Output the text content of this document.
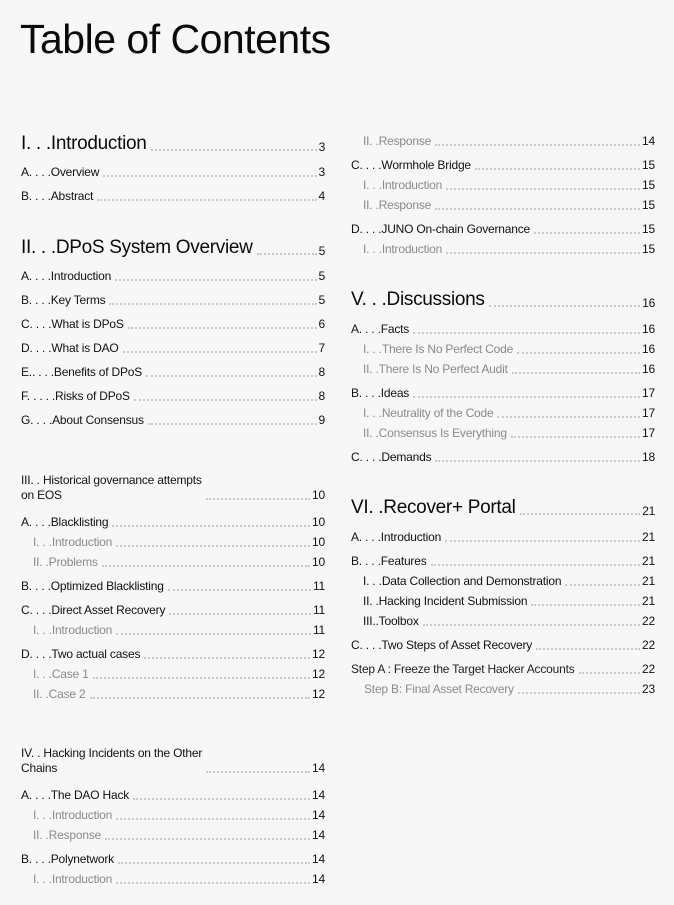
Table of Contents
I. . . Introduction	3
A. . . . Overview	3
B. . . . Abstract	4
II. . . DPoS System Overview	5
A. . . . Introduction	5
B. . . . Key Terms	5
C. . . . What is DPoS	6
D. . . . What is DAO	7
E.. . . . Benefits of DPoS	8
F. . . . . Risks of DPoS	8
G. . . . About Consensus	9
III. . Historical governance attempts
on EOS	10
A. . . . Blacklisting	10
I. . . Introduction	10
II. . Problems	10
B. . . . Optimized Blacklisting	11
C. . . . Direct Asset Recovery	11
I. . . Introduction	11
D. . . . Two actual cases	12
I. . . Case 1	12
II. . Case 2	12
IV. . Hacking Incidents on the Other
Chains	14
A. . . . The DAO Hack	14
I. . . Introduction	14
II. . Response	14
B. . . . Polynetwork	14
I. . . Introduction	14
II. . Response	14
C. . . . Wormhole Bridge	15
I. . . Introduction	15
II. . Response	15
D. . . . JUNO On-chain Governance	15
I. . . Introduction	15
V. . . Discussions	16
A. . . . Facts	16
I. . . There Is No Perfect Code	16
II. . There Is No Perfect Audit	16
B. . . . Ideas	17
I. . . Neutrality of the Code	17
II. . Consensus Is Everything	17
C. . . . Demands	18
VI. . Recover+ Portal	21
A. . . . Introduction	21
B. . . . Features	21
I. . . Data Collection and Demonstration	21
II. . Hacking Incident Submission	21
III.. Toolbox	22
C. . . . Two Steps of Asset Recovery	22
Step A : Freeze the Target Hacker Accounts	22
Step B: Final Asset Recovery	23
